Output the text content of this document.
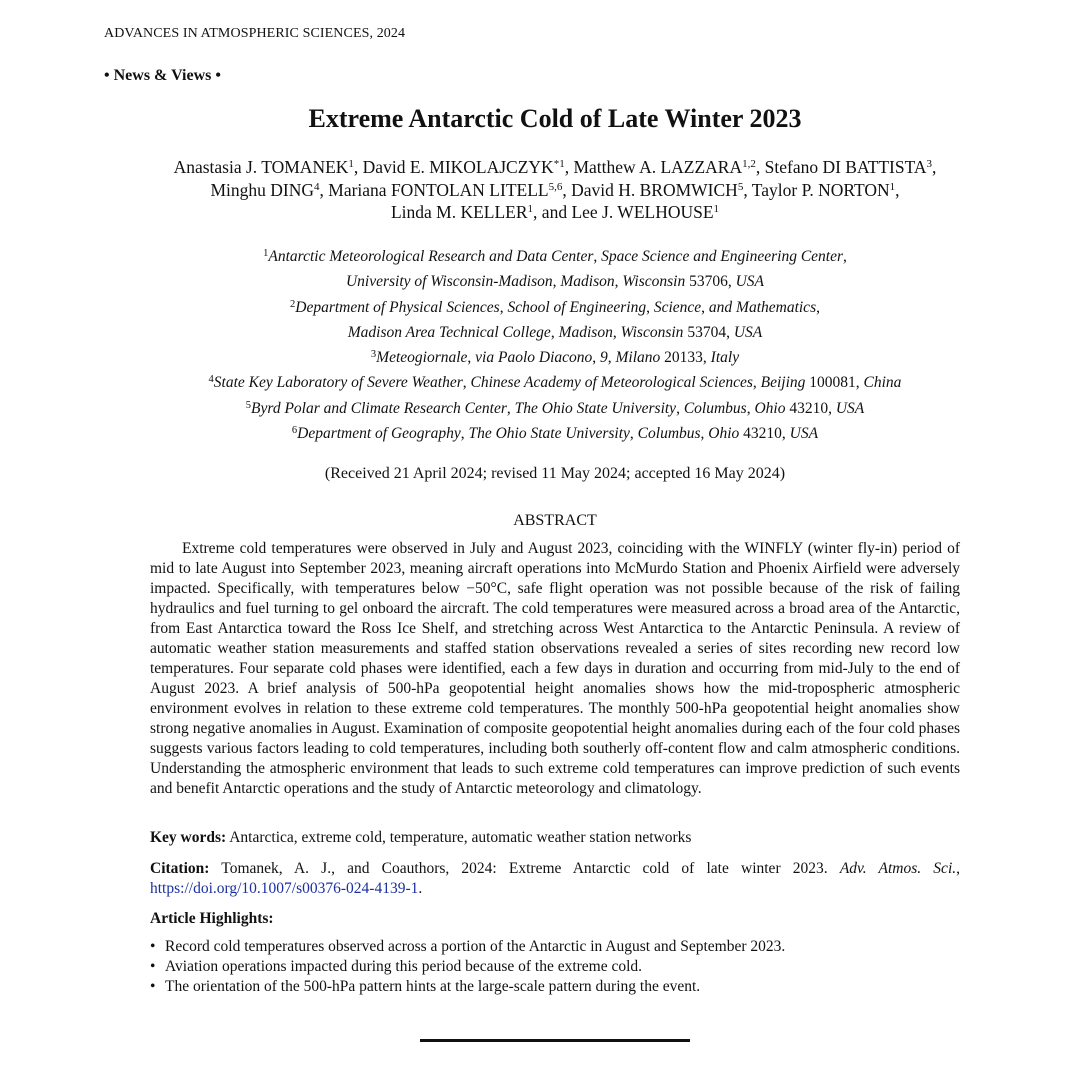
ADVANCES IN ATMOSPHERIC SCIENCES, 2024
• News & Views •
Extreme Antarctic Cold of Late Winter 2023
Anastasia J. TOMANEK$^1$, David E. MIKOLAJCZYK$^{*1}$, Matthew A. LAZZARA$^{1,2}$, Stefano DI BATTISTA$^3$,
Minghu DING$^4$, Mariana FONTOLAN LITELL$^{5,6}$, David H. BROMWICH$^5$, Taylor P. NORTON$^1$,
Linda M. KELLER$^1$, and Lee J. WELHOUSE$^1$
$^1$Antarctic Meteorological Research and Data Center, Space Science and Engineering Center,
University of Wisconsin-Madison, Madison, Wisconsin 53706, USA
$^2$Department of Physical Sciences, School of Engineering, Science, and Mathematics,
Madison Area Technical College, Madison, Wisconsin 53704, USA
$^3$Meteogiornale, via Paolo Diacono, 9, Milano 20133, Italy
$^4$State Key Laboratory of Severe Weather, Chinese Academy of Meteorological Sciences, Beijing 100081, China
$^5$Byrd Polar and Climate Research Center, The Ohio State University, Columbus, Ohio 43210, USA
$^6$Department of Geography, The Ohio State University, Columbus, Ohio 43210, USA
(Received 21 April 2024; revised 11 May 2024; accepted 16 May 2024)
ABSTRACT

Extreme cold temperatures were observed in July and August 2023, coinciding with the WINFLY (winter fly-in) period of mid to late August into September 2023, meaning aircraft operations into McMurdo Station and Phoenix Airfield were adversely impacted. Specifically, with temperatures below −50°C, safe flight operation was not possible because of the risk of failing hydraulics and fuel turning to gel onboard the aircraft. The cold temperatures were measured across a broad area of the Antarctic, from East Antarctica toward the Ross Ice Shelf, and stretching across West Antarctica to the Antarctic Peninsula. A review of automatic weather station measurements and staffed station observations revealed a series of sites recording new record low temperatures. Four separate cold phases were identified, each a few days in duration and occurring from mid-July to the end of August 2023. A brief analysis of 500-hPa geopotential height anomalies shows how the mid-tropospheric atmospheric environment evolves in relation to these extreme cold temperatures. The monthly 500-hPa geopotential height anomalies show strong negative anomalies in August. Examination of composite geopotential height anomalies during each of the four cold phases suggests various factors leading to cold temperatures, including both southerly off-content flow and calm atmospheric conditions. Understanding the atmospheric environment that leads to such extreme cold temperatures can improve prediction of such events and benefit Antarctic operations and the study of Antarctic meteorology and climatology.

Key words: Antarctica, extreme cold, temperature, automatic weather station networks
Citation: Tomanek, A. J., and Coauthors, 2024: Extreme Antarctic cold of late winter 2023. Adv. Atmos. Sci., https://doi.org/10.1007/s00376-024-4139-1.
Article Highlights:
• Record cold temperatures observed across a portion of the Antarctic in August and September 2023.
• Aviation operations impacted during this period because of the extreme cold.
• The orientation of the 500-hPa pattern hints at the large-scale pattern during the event.
